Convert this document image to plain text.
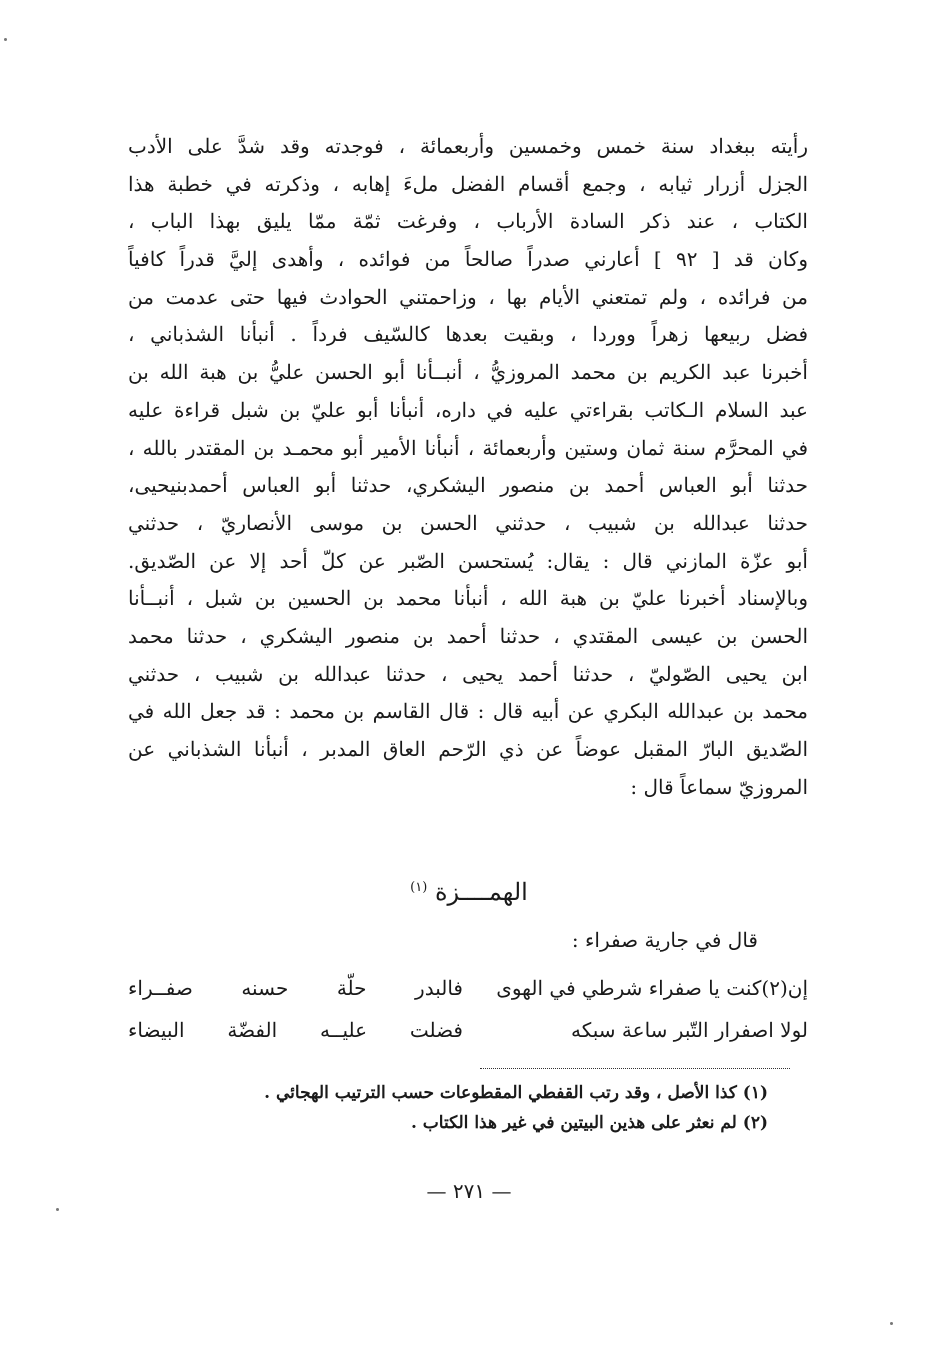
رأيته ببغداد سنة خمس وخمسين وأربعمائة ، فوجدته وقد شدَّ على الأدب
الجزل أزرار ثيابه ، وجمع أقسام الفضل ملءَ إهابه ، وذكرته في خطبة هذا
الكتاب ، عند ذكر السادة الأرباب ، وفرغت ثمّة ممّا يليق بهذا الباب ،
وكان قد [ ٩٢ ] أعارني صدراً صالحاً من فوائده ، وأهدى إليَّ قدراً كافياً
من فرائده ، ولم تمتعني الأيام بها ، وزاحمتني الحوادث فيها حتى عدمت من
فضل ربيعها زهراً ووردا ، وبقيت بعدها كالسّيف فرداً . أنبأنا الشذباني ،
أخبرنا عبد الكريم بن محمد المروزيُّ ، أنبــأنا أبو الحسن عليُّ بن هبة الله بن
عبد السلام الـكاتب بقراءتي عليه في داره، أنبأنا أبو عليّ بن شبل قراءة عليه
في المحرَّم سنة ثمان وستين وأربعمائة ، أنبأنا الأمير أبو محمـد بن المقتدر بالله ،
حدثنا أبو العباس أحمد بن منصور اليشكري، حدثنا أبو العباس أحمدبنيحيى،
حدثنا عبدالله بن شبيب ، حدثني الحسن بن موسى الأنصاريّ ، حدثني
أبو عزّة المازني قال : يقال: يُستحسن الصّبر عن كلّ أحد إلا عن الصّديق.
وبالإسناد أخبرنا عليّ بن هبة الله ، أنبأنا محمد بن الحسين بن شبل ، أنبــأنا
الحسن بن عيسى المقتدي ، حدثنا أحمد بن منصور اليشكري ، حدثنا محمد
ابن يحيى الصّوليّ ، حدثنا أحمد يحيى ، حدثنا عبدالله بن شبيب ، حدثني
محمد بن عبدالله البكري عن أبيه قال : قال القاسم بن محمد : قد جعل الله في
الصّديق البارّ المقبل عوضاً عن ذي الرّحم العاق المدبر ، أنبأنا الشذباني عن
المروزيّ سماعاً قال :
الهمــــزة $^{(١)}$
قال في جارية صفراء :
إن(٢)كنت يا صفراء شرطي في الهوى
فالبدر حلّة حسنه صفــراء
لولا اصفرار التّبر ساعة سبكه
فضلت عليــه الفضّة البيضاء
(١) كذا الأصل ، وقد رتب القفطي المقطوعات حسب الترتيب الهجائي .
(٢) لم نعثر على هذين البيتين في غير هذا الكتاب .
— ٢٧١ —
